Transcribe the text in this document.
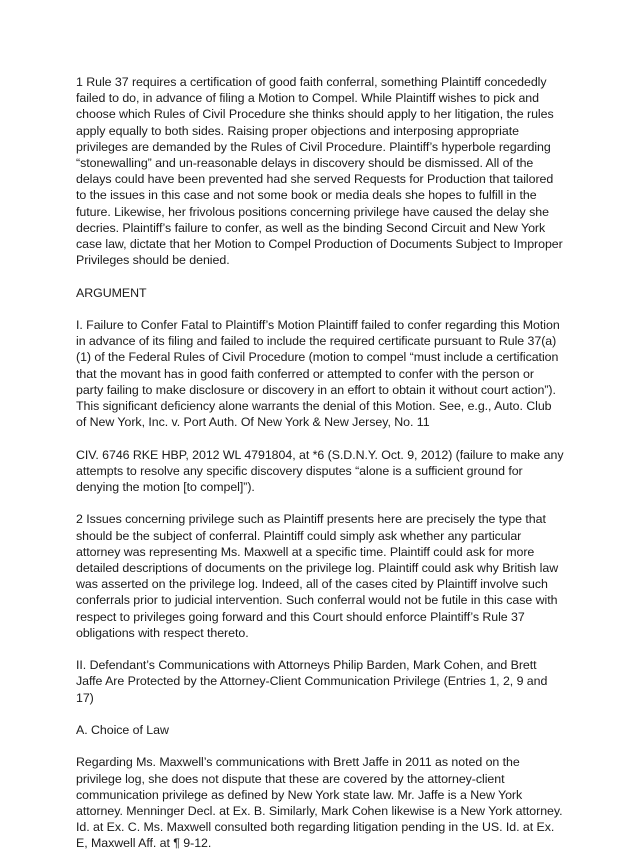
1 Rule 37 requires a certification of good faith conferral, something Plaintiff concededly failed to do, in advance of filing a Motion to Compel. While Plaintiff wishes to pick and choose which Rules of Civil Procedure she thinks should apply to her litigation, the rules apply equally to both sides. Raising proper objections and interposing appropriate privileges are demanded by the Rules of Civil Procedure. Plaintiff’s hyperbole regarding “stonewalling” and un-reasonable delays in discovery should be dismissed. All of the delays could have been prevented had she served Requests for Production that tailored to the issues in this case and not some book or media deals she hopes to fulfill in the future. Likewise, her frivolous positions concerning privilege have caused the delay she decries. Plaintiff’s failure to confer, as well as the binding Second Circuit and New York case law, dictate that her Motion to Compel Production of Documents Subject to Improper Privileges should be denied.

ARGUMENT

I. Failure to Confer Fatal to Plaintiff’s Motion Plaintiff failed to confer regarding this Motion in advance of its filing and failed to include the required certificate pursuant to Rule 37(a)(1) of the Federal Rules of Civil Procedure (motion to compel “must include a certification that the movant has in good faith conferred or attempted to confer with the person or party failing to make disclosure or discovery in an effort to obtain it without court action”). This significant deficiency alone warrants the denial of this Motion. See, e.g., Auto. Club of New York, Inc. v. Port Auth. Of New York & New Jersey, No. 11

CIV. 6746 RKE HBP, 2012 WL 4791804, at *6 (S.D.N.Y. Oct. 9, 2012) (failure to make any attempts to resolve any specific discovery disputes “alone is a sufficient ground for denying the motion [to compel]”).

2 Issues concerning privilege such as Plaintiff presents here are precisely the type that should be the subject of conferral. Plaintiff could simply ask whether any particular attorney was representing Ms. Maxwell at a specific time. Plaintiff could ask for more detailed descriptions of documents on the privilege log. Plaintiff could ask why British law was asserted on the privilege log. Indeed, all of the cases cited by Plaintiff involve such conferrals prior to judicial intervention. Such conferral would not be futile in this case with respect to privileges going forward and this Court should enforce Plaintiff’s Rule 37 obligations with respect thereto.

II. Defendant’s Communications with Attorneys Philip Barden, Mark Cohen, and Brett Jaffe Are Protected by the Attorney-Client Communication Privilege (Entries 1, 2, 9 and 17)

A. Choice of Law

Regarding Ms. Maxwell’s communications with Brett Jaffe in 2011 as noted on the privilege log, she does not dispute that these are covered by the attorney-client communication privilege as defined by New York state law. Mr. Jaffe is a New York attorney. Menninger Decl. at Ex. B. Similarly, Mark Cohen likewise is a New York attorney. Id. at Ex. C. Ms. Maxwell consulted both regarding litigation pending in the US. Id. at Ex. E, Maxwell Aff. at ¶ 9-12.
